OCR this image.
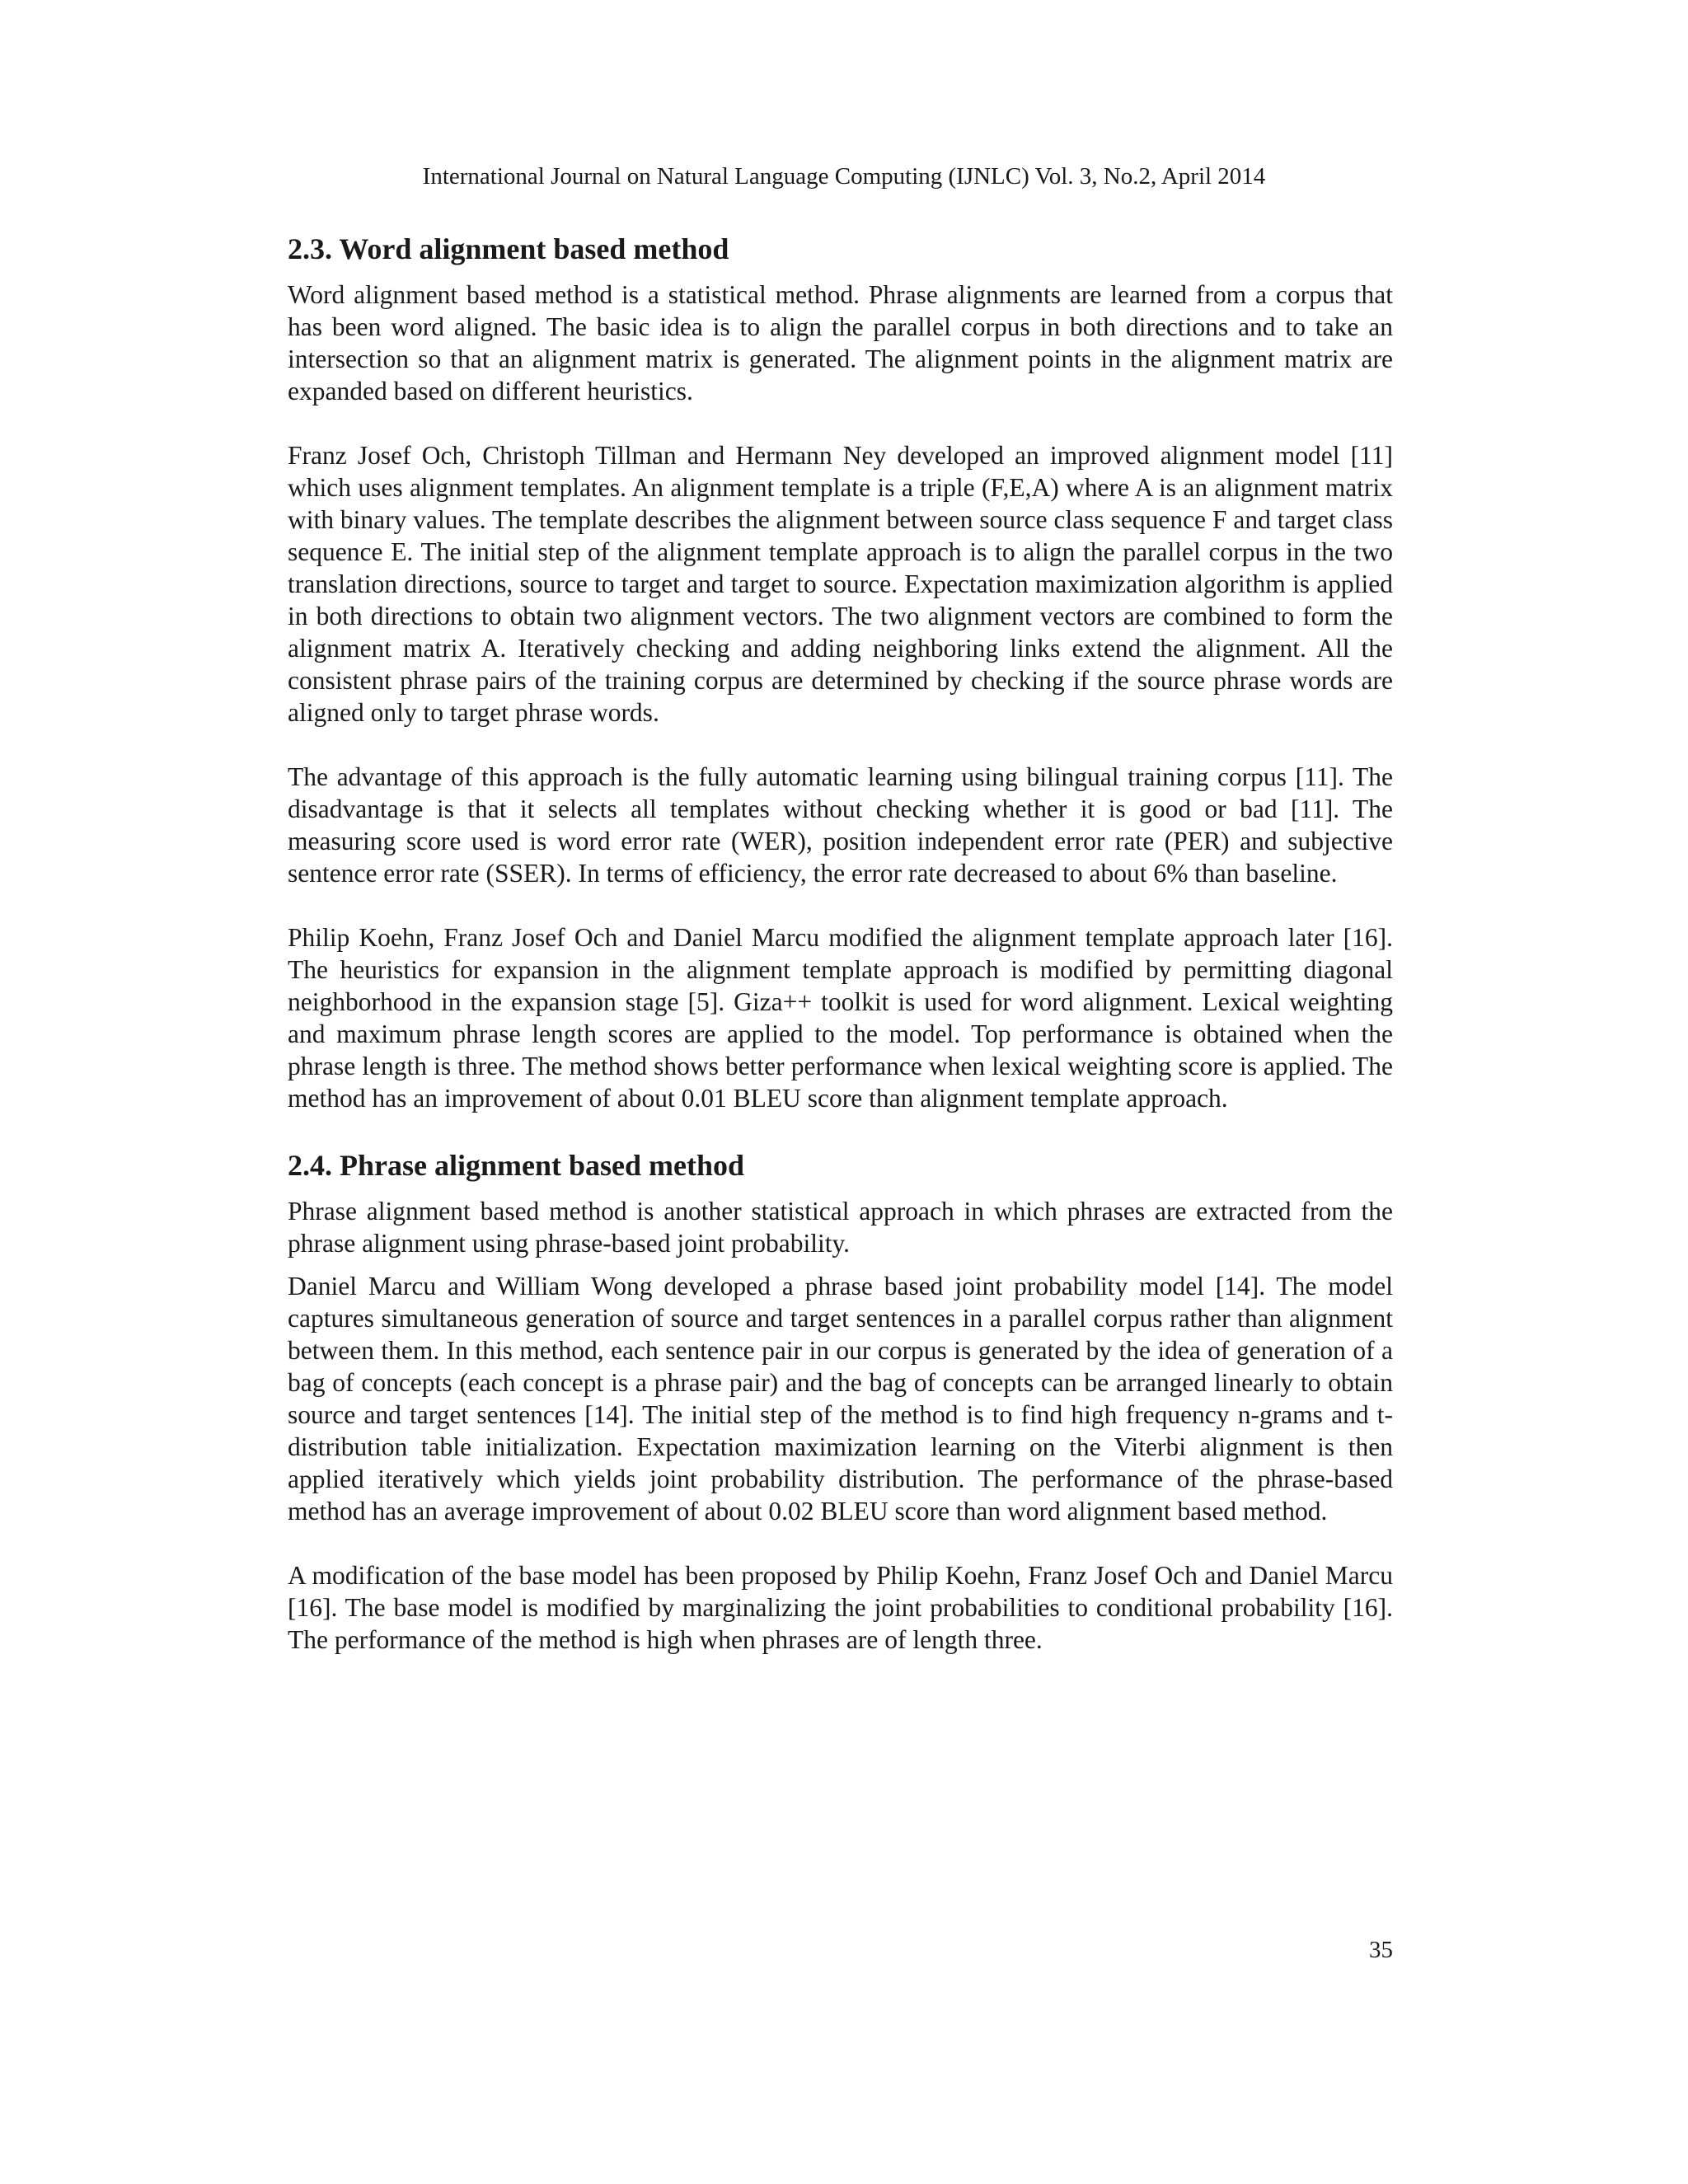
International Journal on Natural Language Computing (IJNLC) Vol. 3, No.2, April 2014
2.3. Word alignment based method

Word alignment based method is a statistical method. Phrase alignments are learned from a corpus that has been word aligned. The basic idea is to align the parallel corpus in both directions and to take an intersection so that an alignment matrix is generated. The alignment points in the alignment matrix are expanded based on different heuristics.

Franz Josef Och, Christoph Tillman and Hermann Ney developed an improved alignment model [11] which uses alignment templates. An alignment template is a triple (F,E,A) where A is an alignment matrix with binary values. The template describes the alignment between source class sequence F and target class sequence E. The initial step of the alignment template approach is to align the parallel corpus in the two translation directions, source to target and target to source. Expectation maximization algorithm is applied in both directions to obtain two alignment vectors. The two alignment vectors are combined to form the alignment matrix A. Iteratively checking and adding neighboring links extend the alignment. All the consistent phrase pairs of the training corpus are determined by checking if the source phrase words are aligned only to target phrase words.

The advantage of this approach is the fully automatic learning using bilingual training corpus [11]. The disadvantage is that it selects all templates without checking whether it is good or bad [11]. The measuring score used is word error rate (WER), position independent error rate (PER) and subjective sentence error rate (SSER). In terms of efficiency, the error rate decreased to about 6% than baseline.

Philip Koehn, Franz Josef Och and Daniel Marcu modified the alignment template approach later [16]. The heuristics for expansion in the alignment template approach is modified by permitting diagonal neighborhood in the expansion stage [5]. Giza++ toolkit is used for word alignment. Lexical weighting and maximum phrase length scores are applied to the model. Top performance is obtained when the phrase length is three. The method shows better performance when lexical weighting score is applied. The method has an improvement of about 0.01 BLEU score than alignment template approach.

2.4. Phrase alignment based method

Phrase alignment based method is another statistical approach in which phrases are extracted from the phrase alignment using phrase-based joint probability.

Daniel Marcu and William Wong developed a phrase based joint probability model [14]. The model captures simultaneous generation of source and target sentences in a parallel corpus rather than alignment between them. In this method, each sentence pair in our corpus is generated by the idea of generation of a bag of concepts (each concept is a phrase pair) and the bag of concepts can be arranged linearly to obtain source and target sentences [14]. The initial step of the method is to find high frequency n-grams and t-distribution table initialization. Expectation maximization learning on the Viterbi alignment is then applied iteratively which yields joint probability distribution. The performance of the phrase-based method has an average improvement of about 0.02 BLEU score than word alignment based method.

A modification of the base model has been proposed by Philip Koehn, Franz Josef Och and Daniel Marcu [16]. The base model is modified by marginalizing the joint probabilities to conditional probability [16]. The performance of the method is high when phrases are of length three.

35
